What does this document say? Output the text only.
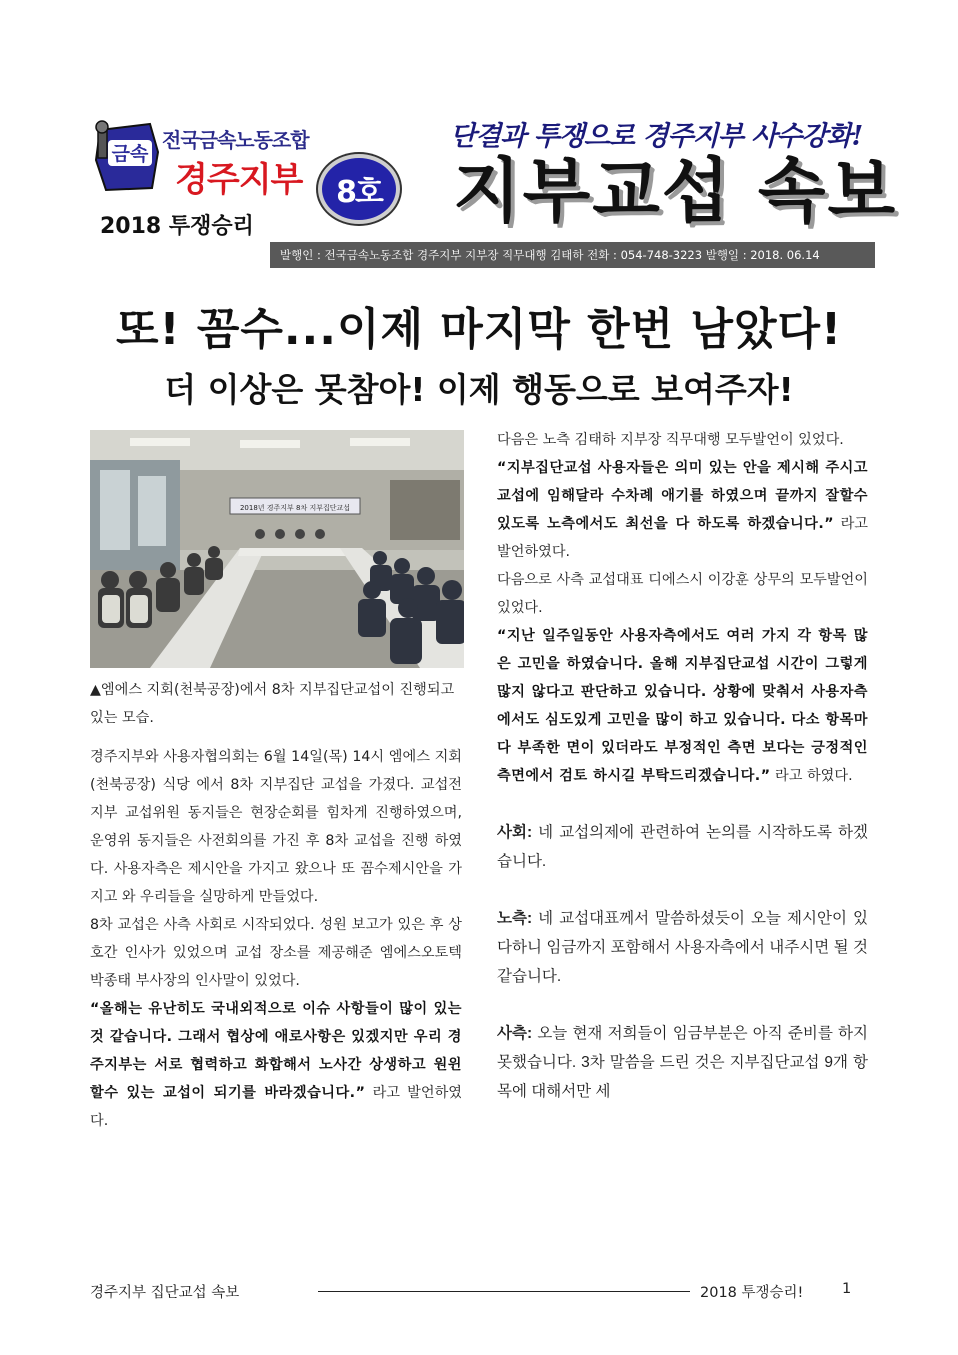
금속
전국금속노동조합
경주지부
2018 투쟁승리
8호
단결과 투쟁으로 경주지부 사수강화!
지부교섭 속보
발행인 : 전국금속노동조합 경주지부 지부장 직무대행 김태하 전화 : 054-748-3223 발행일 : 2018. 06.14
또! 꼼수...이제 마지막 한번 남았다!
더 이상은 못참아! 이제 행동으로 보여주자!
2018년 경주지부 8차 지부집단교섭
▲엠에스 지회(천북공장)에서 8차 지부집단교섭이 진행되고 있는 모습.

경주지부와 사용자협의회는 6월 14일(목) 14시 엠에스 지회(천북공장) 식당 에서 8차 지부집단 교섭을 가졌다. 교섭전 지부 교섭위원 동지들은 현장순회를 힘차게 진행하였으며, 운영위 동지들은 사전회의를 가진 후 8차 교섭을 진행 하였다. 사용자측은 제시안을 가지고 왔으나 또 꼼수제시안을 가지고 와 우리들을 실망하게 만들었다.

8차 교섭은 사측 사회로 시작되었다. 성원 보고가 있은 후 상호간 인사가 있었으며 교섭 장소를 제공해준 엠에스오토텍 박종태 부사장의 인사말이 있었다.

“올해는 유난히도 국내외적으로 이슈 사항들이 많이 있는것 같습니다. 그래서 협상에 애로사항은 있겠지만 우리 경주지부는 서로 협력하고 화합해서 노사간 상생하고 원윈할수 있는 교섭이 되기를 바라겠습니다.” 라고 발언하였다.

다음은 노측 김태하 지부장 직무대행 모두발언이 있었다.

“지부집단교섭 사용자들은 의미 있는 안을 제시해 주시고 교섭에 임해달라 수차례 애기를 하였으며 끝까지 잘할수 있도록 노측에서도 최선을 다 하도록 하겠습니다.” 라고 발언하였다.

다음으로 사측 교섭대표 디에스시 이강훈 상무의 모두발언이 있었다.

“지난 일주일동안 사용자측에서도 여러 가지 각 항목 많은 고민을 하였습니다. 올해 지부집단교섭 시간이 그렇게 많지 않다고 판단하고 있습니다. 상황에 맞춰서 사용자측에서도 심도있게 고민을 많이 하고 있습니다. 다소 항목마다 부족한 면이 있더라도 부정적인 측면 보다는 긍정적인 측면에서 검토 하시길 부탁드리겠습니다.” 라고 하였다.

사회: 네 교섭의제에 관련하여 논의를 시작하도록 하겠습니다.

노측: 네 교섭대표께서 말씀하셨듯이 오늘 제시안이 있다하니 임금까지 포함해서 사용자측에서 내주시면 될 것 같습니다.

사측: 오늘 현재 저희들이 임금부분은 아직 준비를 하지 못했습니다. 3차 말씀을 드린 것은 지부집단교섭 9개 항목에 대해서만 세

경주지부 집단교섭 속보	2018 투쟁승리!	1
